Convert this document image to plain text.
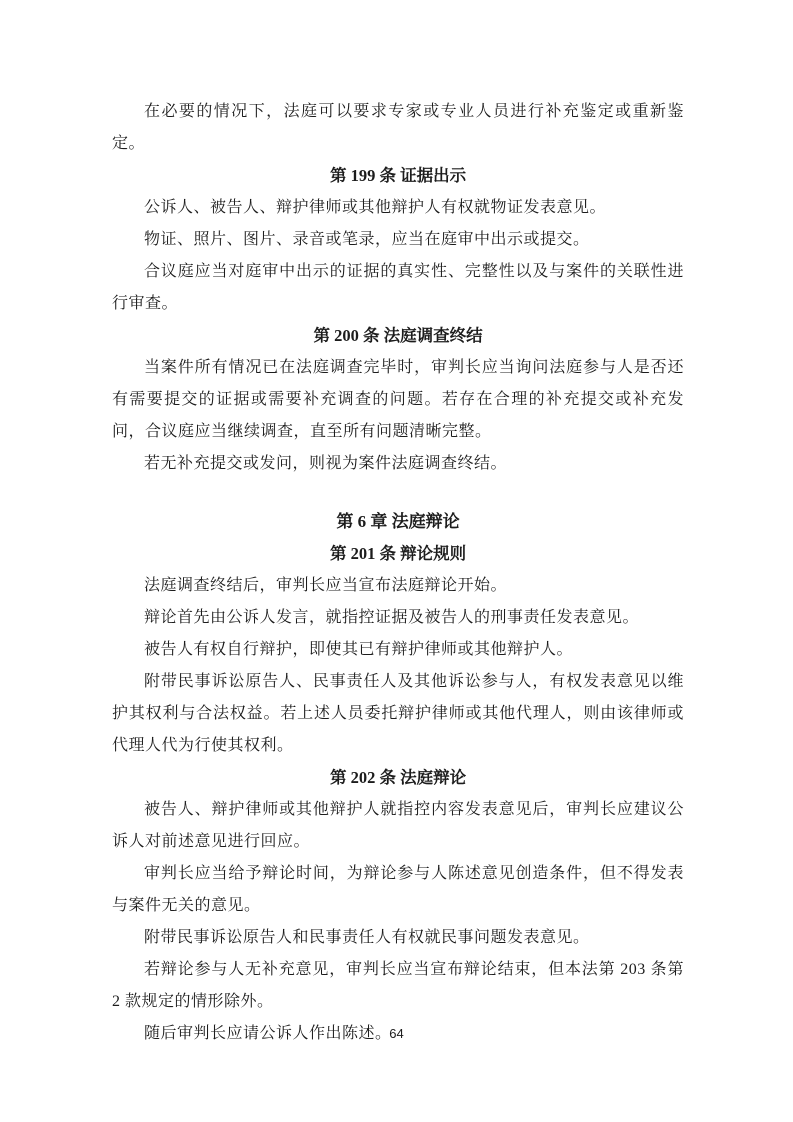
在必要的情况下，法庭可以要求专家或专业人员进行补充鉴定或重新鉴定。

第 199 条 证据出示

公诉人、被告人、辩护律师或其他辩护人有权就物证发表意见。

物证、照片、图片、录音或笔录，应当在庭审中出示或提交。

合议庭应当对庭审中出示的证据的真实性、完整性以及与案件的关联性进行审查。

第 200 条 法庭调查终结

当案件所有情况已在法庭调查完毕时，审判长应当询问法庭参与人是否还有需要提交的证据或需要补充调查的问题。若存在合理的补充提交或补充发问，合议庭应当继续调查，直至所有问题清晰完整。

若无补充提交或发问，则视为案件法庭调查终结。

第 6 章 法庭辩论
第 201 条 辩论规则

法庭调查终结后，审判长应当宣布法庭辩论开始。

辩论首先由公诉人发言，就指控证据及被告人的刑事责任发表意见。

被告人有权自行辩护，即使其已有辩护律师或其他辩护人。

附带民事诉讼原告人、民事责任人及其他诉讼参与人，有权发表意见以维护其权利与合法权益。若上述人员委托辩护律师或其他代理人，则由该律师或代理人代为行使其权利。

第 202 条 法庭辩论

被告人、辩护律师或其他辩护人就指控内容发表意见后，审判长应建议公诉人对前述意见进行回应。

审判长应当给予辩论时间，为辩论参与人陈述意见创造条件，但不得发表与案件无关的意见。

附带民事诉讼原告人和民事责任人有权就民事问题发表意见。

若辩论参与人无补充意见，审判长应当宣布辩论结束，但本法第 203 条第 2 款规定的情形除外。

随后审判长应请公诉人作出陈述。

64
